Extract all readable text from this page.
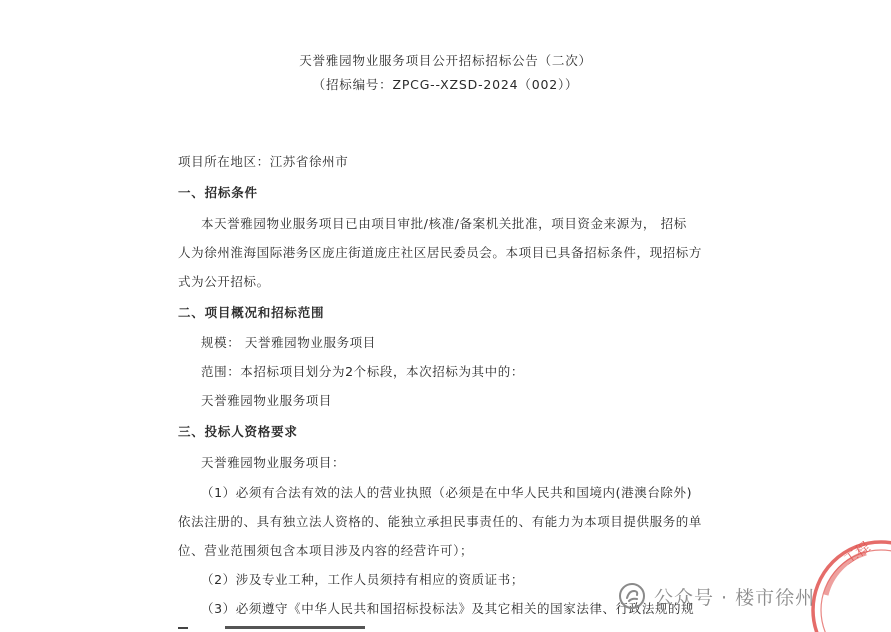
天誉雅园物业服务项目公开招标招标公告（二次）
（招标编号：ZPCG--XZSD-2024（002））
项目所在地区：江苏省徐州市
一、招标条件
本天誉雅园物业服务项目已由项目审批/核准/备案机关批准，项目资金来源为， 招标
人为徐州淮海国际港务区庞庄街道庞庄社区居民委员会。本项目已具备招标条件，现招标方
式为公开招标。
二、项目概况和招标范围
规模： 天誉雅园物业服务项目
范围：本招标项目划分为2个标段，本次招标为其中的：
天誉雅园物业服务项目
三、投标人资格要求
天誉雅园物业服务项目：
（1）必须有合法有效的法人的营业执照（必须是在中华人民共和国境内(港澳台除外)
依法注册的、具有独立法人资格的、能独立承担民事责任的、有能力为本项目提供服务的单
位、营业范围须包含本项目涉及内容的经营许可）；
（2）涉及专业工种，工作人员须持有相应的资质证书；
（3）必须遵守《中华人民共和国招标投标法》及其它相关的国家法律、行政法规的规
工程
公众号 · 楼市徐州
